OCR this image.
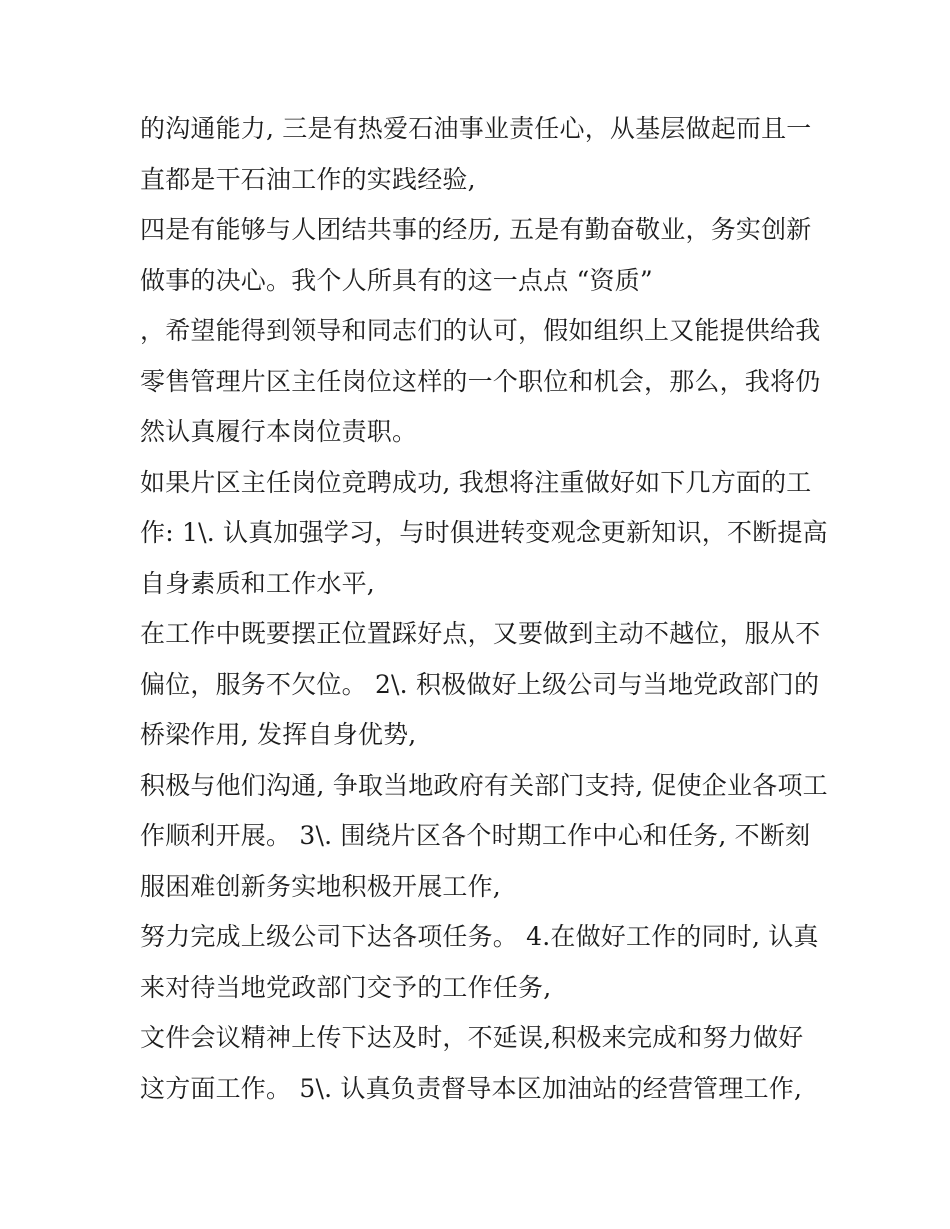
的沟通能力, 三是有热爱石油事业责任心，从基层做起而且一
直都是干石油工作的实践经验,
四是有能够与人团结共事的经历, 五是有勤奋敬业，务实创新
做事的决心。我个人所具有的这一点点 “资质”
，希望能得到领导和同志们的认可，假如组织上又能提供给我
零售管理片区主任岗位这样的一个职位和机会，那么，我将仍
然认真履行本岗位责职。
如果片区主任岗位竞聘成功, 我想将注重做好如下几方面的工
作: 1\. 认真加强学习，与时俱进转变观念更新知识，不断提高
自身素质和工作水平,
在工作中既要摆正位置踩好点，又要做到主动不越位，服从不
偏位，服务不欠位。 2\. 积极做好上级公司与当地党政部门的
桥梁作用, 发挥自身优势,
积极与他们沟通, 争取当地政府有关部门支持, 促使企业各项工
作顺利开展。 3\. 围绕片区各个时期工作中心和任务, 不断刻
服困难创新务实地积极开展工作,
努力完成上级公司下达各项任务。 4.在做好工作的同时, 认真
来对待当地党政部门交予的工作任务,
文件会议精神上传下达及时，不延误,积极来完成和努力做好
这方面工作。 5\. 认真负责督导本区加油站的经营管理工作,
